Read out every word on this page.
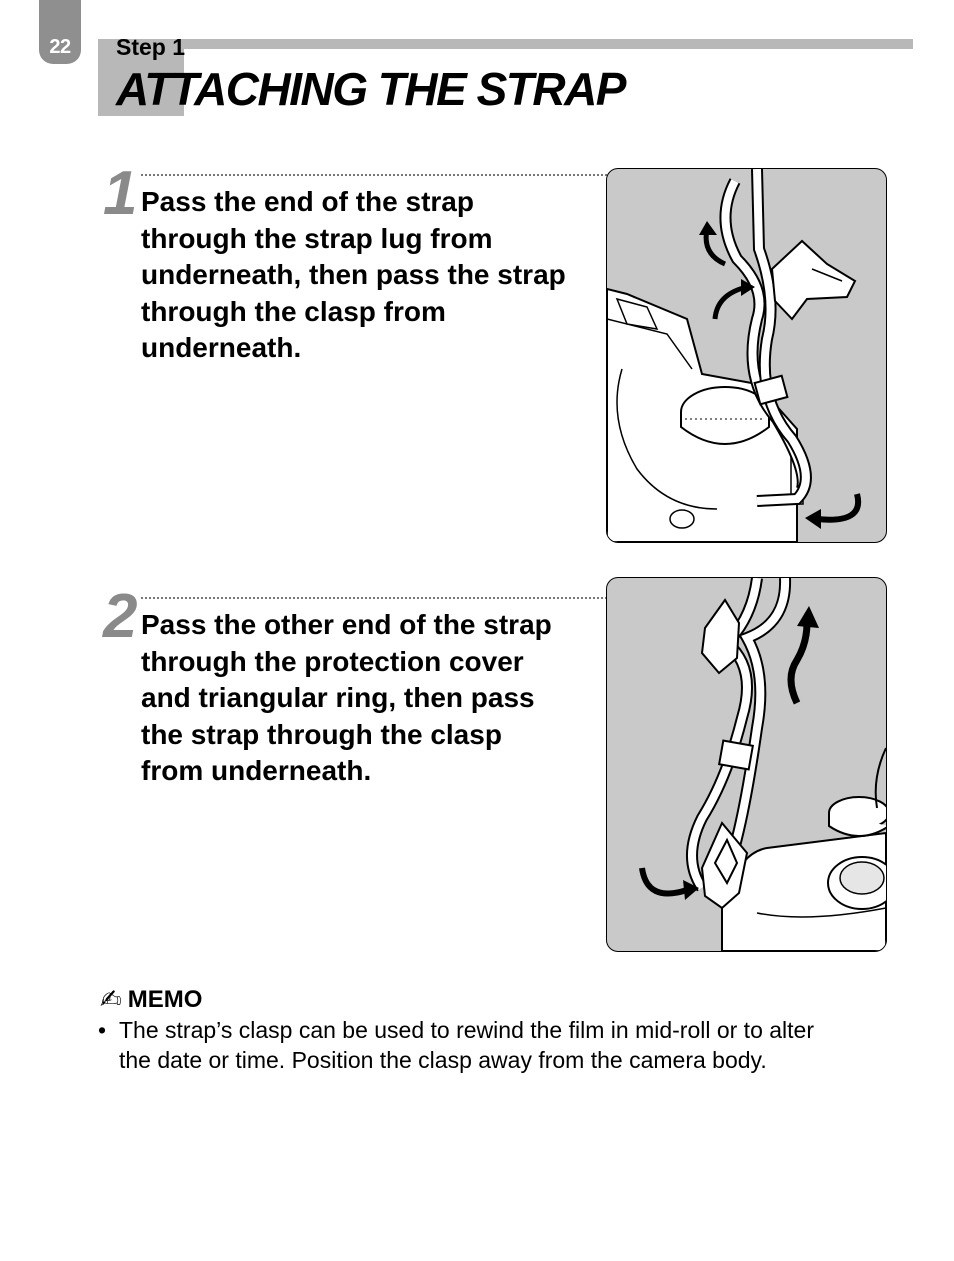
22	Step 1
ATTACHING THE STRAP
1 Pass the end of the strap through the strap lug from underneath, then pass the strap through the clasp from underneath.

2 Pass the other end of the strap through the protection cover and triangular ring, then pass the strap through the clasp from underneath.

✍ MEMO
• The strap’s clasp can be used to rewind the film in mid-roll or to alter the date or time. Position the clasp away from the camera body.
